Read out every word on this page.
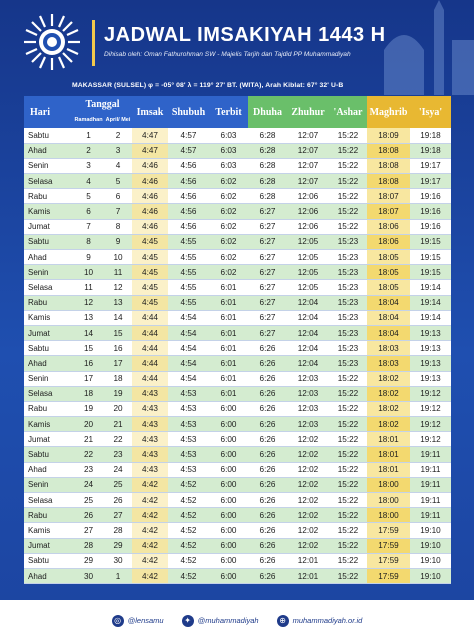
JADWAL IMSAKIYAH 1443 H
Dihisab oleh: Oman Fathurohman SW - Majelis Tarjih dan Tajdid PP Muhammadiyah
MAKASSAR (SULSEL) φ = -05° 08' λ = 119° 27' BT. (WITA), Arah Kiblat: 67° 32' U-B
Hari	Tanggal		Imsak	Shubuh	Terbit	Dhuha	Zhuhur	'Ashar	Maghrib	'Isya'
	Ramadhan	April/ Mei								
Sabtu	1	2	4:47	4:57	6:03	6:28	12:07	15:22	18:09	19:18
Ahad	2	3	4:47	4:57	6:03	6:28	12:07	15:22	18:08	19:18
Senin	3	4	4:46	4:56	6:03	6:28	12:07	15:22	18:08	19:17
Selasa	4	5	4:46	4:56	6:02	6:28	12:07	15:22	18:08	19:17
Rabu	5	6	4:46	4:56	6:02	6:28	12:06	15:22	18:07	19:16
Kamis	6	7	4:46	4:56	6:02	6:27	12:06	15:22	18:07	19:16
Jumat	7	8	4:46	4:56	6:02	6:27	12:06	15:22	18:06	19:16
Sabtu	8	9	4:45	4:55	6:02	6:27	12:05	15:23	18:06	19:15
Ahad	9	10	4:45	4:55	6:02	6:27	12:05	15:23	18:05	19:15
Senin	10	11	4:45	4:55	6:02	6:27	12:05	15:23	18:05	19:15
Selasa	11	12	4:45	4:55	6:01	6:27	12:05	15:23	18:05	19:14
Rabu	12	13	4:45	4:55	6:01	6:27	12:04	15:23	18:04	19:14
Kamis	13	14	4:44	4:54	6:01	6:27	12:04	15:23	18:04	19:14
Jumat	14	15	4:44	4:54	6:01	6:27	12:04	15:23	18:04	19:13
Sabtu	15	16	4:44	4:54	6:01	6:26	12:04	15:23	18:03	19:13
Ahad	16	17	4:44	4:54	6:01	6:26	12:04	15:23	18:03	19:13
Senin	17	18	4:44	4:54	6:01	6:26	12:03	15:22	18:02	19:13
Selasa	18	19	4:43	4:53	6:01	6:26	12:03	15:22	18:02	19:12
Rabu	19	20	4:43	4:53	6:00	6:26	12:03	15:22	18:02	19:12
Kamis	20	21	4:43	4:53	6:00	6:26	12:03	15:22	18:02	19:12
Jumat	21	22	4:43	4:53	6:00	6:26	12:02	15:22	18:01	19:12
Sabtu	22	23	4:43	4:53	6:00	6:26	12:02	15:22	18:01	19:11
Ahad	23	24	4:43	4:53	6:00	6:26	12:02	15:22	18:01	19:11
Senin	24	25	4:42	4:52	6:00	6:26	12:02	15:22	18:00	19:11
Selasa	25	26	4:42	4:52	6:00	6:26	12:02	15:22	18:00	19:11
Rabu	26	27	4:42	4:52	6:00	6:26	12:02	15:22	18:00	19:11
Kamis	27	28	4:42	4:52	6:00	6:26	12:02	15:22	17:59	19:10
Jumat	28	29	4:42	4:52	6:00	6:26	12:02	15:22	17:59	19:10
Sabtu	29	30	4:42	4:52	6:00	6:26	12:01	15:22	17:59	19:10
Ahad	30	1	4:42	4:52	6:00	6:26	12:01	15:22	17:59	19:10
◎ @lensamu	✦ @muhammadiyah	⊕ muhammadiyah.or.id
